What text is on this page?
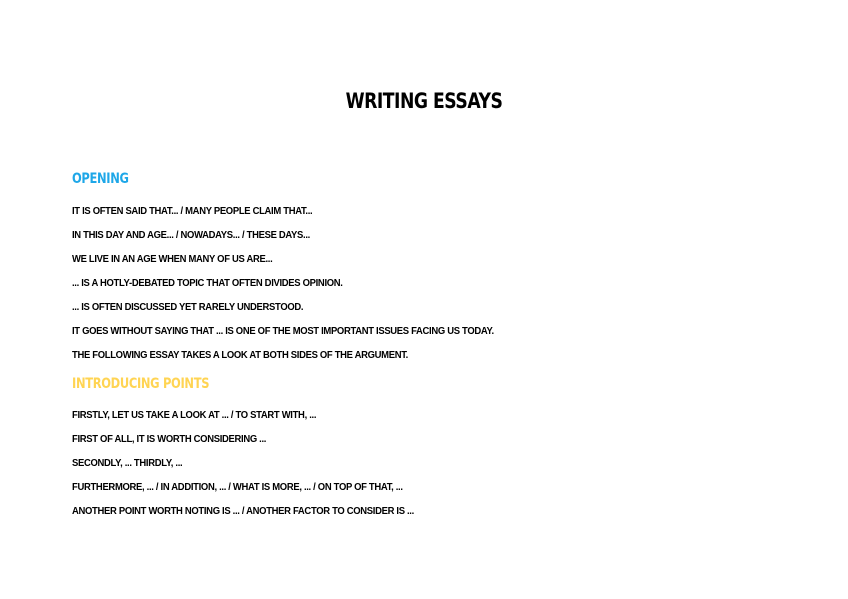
WRITING ESSAYS
OPENING
IT IS OFTEN SAID THAT... / MANY PEOPLE CLAIM THAT...
IN THIS DAY AND AGE... / NOWADAYS... / THESE DAYS...
WE LIVE IN AN AGE WHEN MANY OF US ARE...
... IS A HOTLY-DEBATED TOPIC THAT OFTEN DIVIDES OPINION.
... IS OFTEN DISCUSSED YET RARELY UNDERSTOOD.
IT GOES WITHOUT SAYING THAT ... IS ONE OF THE MOST IMPORTANT ISSUES FACING US TODAY.
THE FOLLOWING ESSAY TAKES A LOOK AT BOTH SIDES OF THE ARGUMENT.
INTRODUCING POINTS
FIRSTLY, LET US TAKE A LOOK AT ... / TO START WITH, ...
FIRST OF ALL, IT IS WORTH CONSIDERING ...
SECONDLY, ... THIRDLY, ...
FURTHERMORE, ... / IN ADDITION, ... / WHAT IS MORE, ... / ON TOP OF THAT, ...
ANOTHER POINT WORTH NOTING IS ... / ANOTHER FACTOR TO CONSIDER IS ...
